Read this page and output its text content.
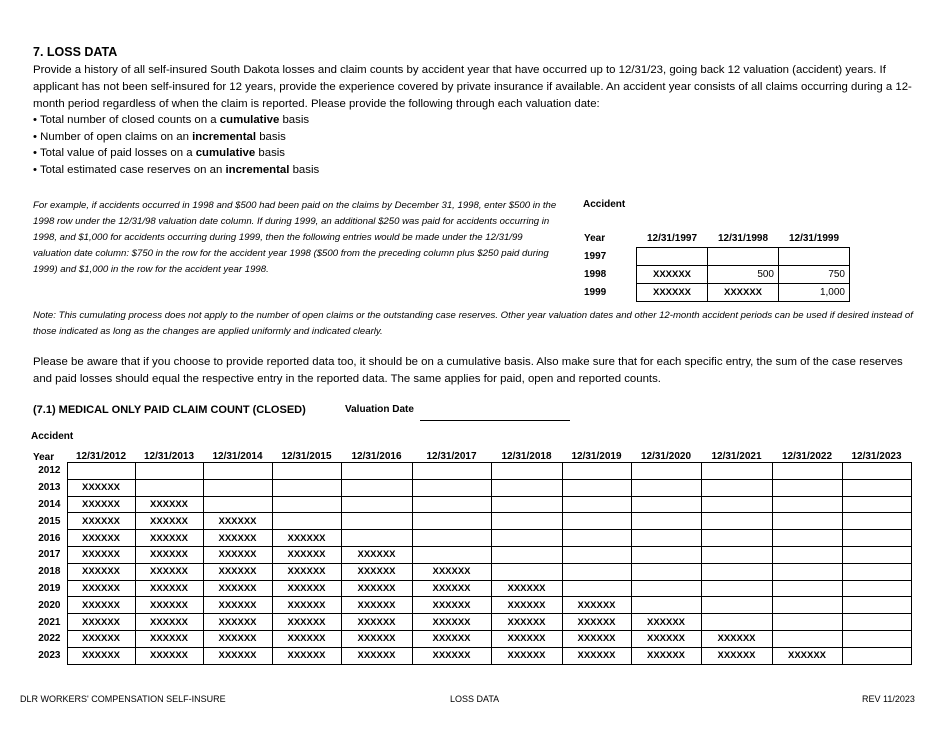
7. LOSS DATA
Provide a history of all self-insured South Dakota losses and claim counts by accident year that have occurred up to 12/31/23, going back 12 valuation (accident) years. If applicant has not been self-insured for 12 years, provide the experience covered by private insurance if available. An accident year consists of all claims occurring during a 12-month period regardless of when the claim is reported. Please provide the following through each valuation date:
• Total number of closed counts on a cumulative basis
• Number of open claims on an incremental basis
• Total value of paid losses on a cumulative basis
• Total estimated case reserves on an incremental basis
For example, if accidents occurred in 1998 and $500 had been paid on the claims by December 31, 1998, enter $500 in the 1998 row under the 12/31/98 valuation date column. If during 1999, an additional $250 was paid for accidents occurring in 1998, and $1,000 for accidents occurring during 1999, then the following entries would be made under the 12/31/99 valuation date column: $750 in the row for the accident year 1998 ($500 from the preceding column plus $250 paid during 1999) and $1,000 in the row for the accident year 1998.
Accident
Year	12/31/1997	12/31/1998	12/31/1999
1997			
1998	XXXXXX	500	750
1999	XXXXXX	XXXXXX	1,000
Note: This cumulating process does not apply to the number of open claims or the outstanding case reserves. Other year valuation dates and other 12-month accident periods can be used if desired instead of those indicated as long as the changes are applied uniformly and indicated clearly.
Please be aware that if you choose to provide reported data too, it should be on a cumulative basis. Also make sure that for each specific entry, the sum of the case reserves and paid losses should equal the respective entry in the reported data. The same applies for paid, open and reported counts.
(7.1) MEDICAL ONLY PAID CLAIM COUNT (CLOSED)	Valuation Date
Accident
Year	12/31/2012	12/31/2013	12/31/2014	12/31/2015	12/31/2016	12/31/2017	12/31/2018	12/31/2019	12/31/2020	12/31/2021	12/31/2022	12/31/2023
2012												
2013	XXXXXX											
2014	XXXXXX	XXXXXX										
2015	XXXXXX	XXXXXX	XXXXXX									
2016	XXXXXX	XXXXXX	XXXXXX	XXXXXX								
2017	XXXXXX	XXXXXX	XXXXXX	XXXXXX	XXXXXX							
2018	XXXXXX	XXXXXX	XXXXXX	XXXXXX	XXXXXX	XXXXXX						
2019	XXXXXX	XXXXXX	XXXXXX	XXXXXX	XXXXXX	XXXXXX	XXXXXX					
2020	XXXXXX	XXXXXX	XXXXXX	XXXXXX	XXXXXX	XXXXXX	XXXXXX	XXXXXX				
2021	XXXXXX	XXXXXX	XXXXXX	XXXXXX	XXXXXX	XXXXXX	XXXXXX	XXXXXX	XXXXXX			
2022	XXXXXX	XXXXXX	XXXXXX	XXXXXX	XXXXXX	XXXXXX	XXXXXX	XXXXXX	XXXXXX	XXXXXX		
2023	XXXXXX	XXXXXX	XXXXXX	XXXXXX	XXXXXX	XXXXXX	XXXXXX	XXXXXX	XXXXXX	XXXXXX	XXXXXX	
DLR WORKERS' COMPENSATION SELF-INSURE	LOSS DATA	REV 11/2023
